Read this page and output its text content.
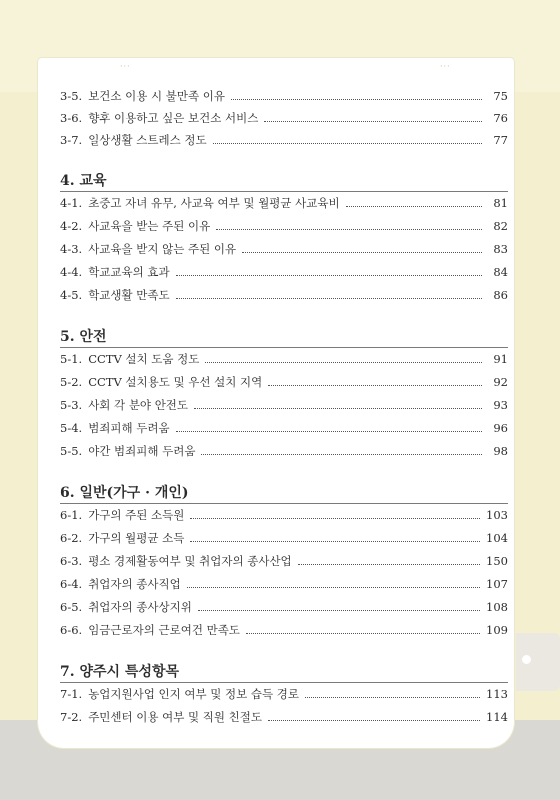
···	···
3-5. 보건소 이용 시 불만족 이유	75
3-6. 향후 이용하고 싶은 보건소 서비스	76
3-7. 일상생활 스트레스 정도	77
4. 교육
4-1. 초중고 자녀 유무, 사교육 여부 및 월평균 사교육비	81
4-2. 사교육을 받는 주된 이유	82
4-3. 사교육을 받지 않는 주된 이유	83
4-4. 학교교육의 효과	84
4-5. 학교생활 만족도	86
5. 안전
5-1. CCTV 설치 도움 정도	91
5-2. CCTV 설치용도 및 우선 설치 지역	92
5-3. 사회 각 분야 안전도	93
5-4. 범죄피해 두려움	96
5-5. 야간 범죄피해 두려움	98
6. 일반(가구 · 개인)
6-1. 가구의 주된 소득원	103
6-2. 가구의 월평균 소득	104
6-3. 평소 경제활동여부 및 취업자의 종사산업	150
6-4. 취업자의 종사직업	107
6-5. 취업자의 종사상지위	108
6-6. 임금근로자의 근로여건 만족도	109
7. 양주시 특성항목
7-1. 농업지원사업 인지 여부 및 정보 습득 경로	113
7-2. 주민센터 이용 여부 및 직원 친절도	114
